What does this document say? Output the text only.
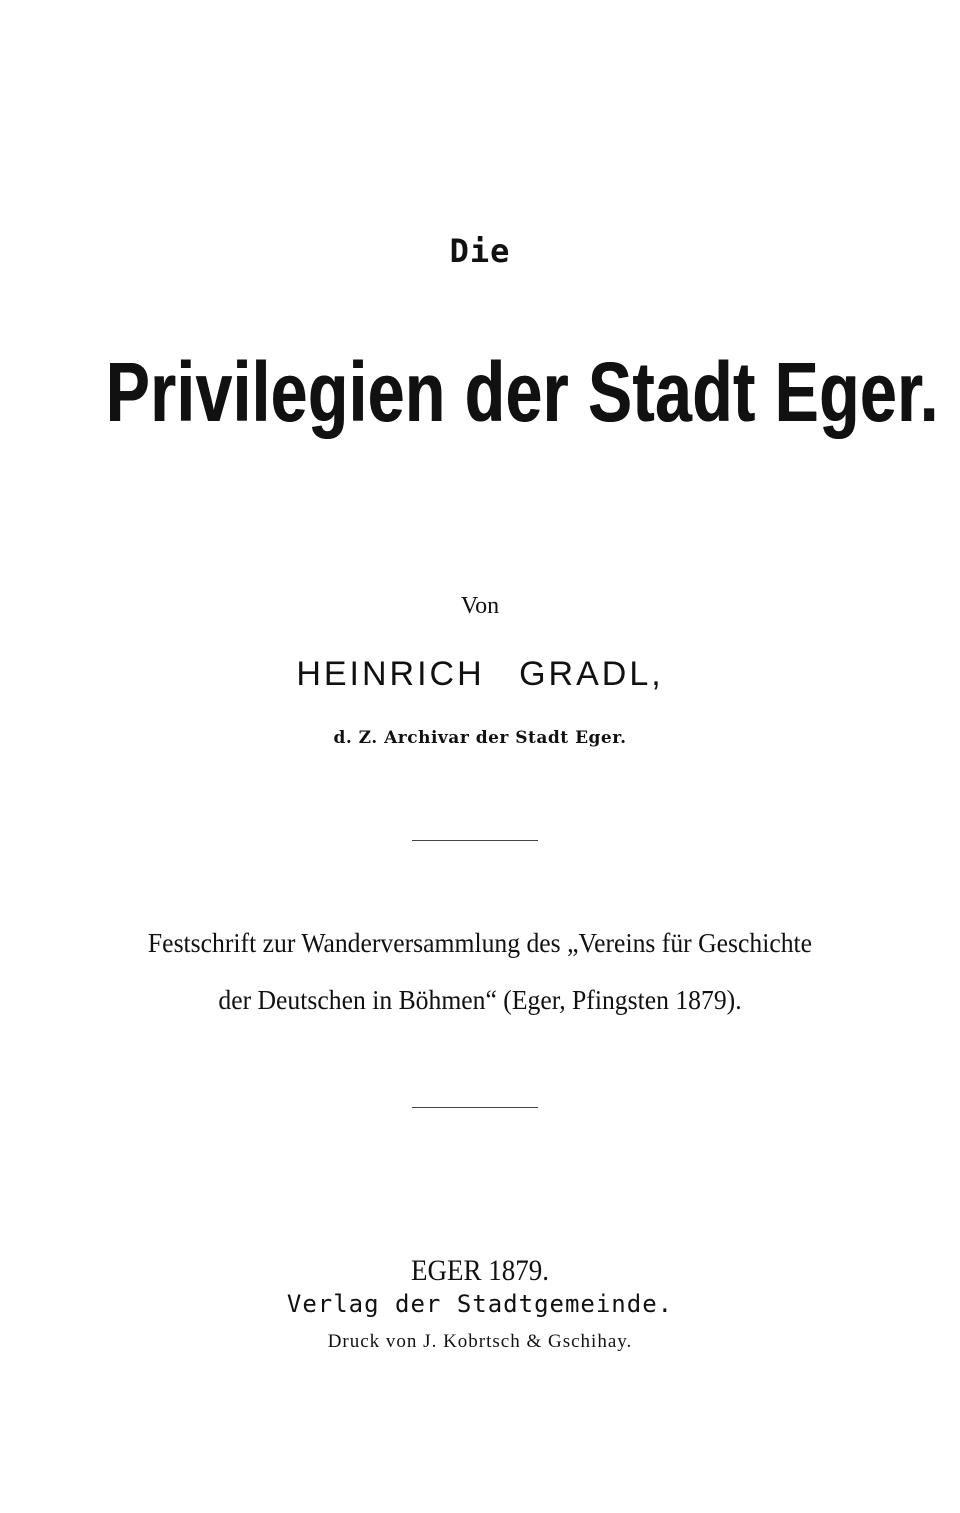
Die
Privilegien der Stadt Eger.
Von
HEINRICH GRADL,
d. Z. Archivar der Stadt Eger.
Festschrift zur Wanderversammlung des „Vereins für Geschichte
der Deutschen in Böhmen“ (Eger, Pfingsten 1879).
EGER 1879.
Verlag der Stadtgemeinde.
Druck von J. Kobrtsch & Gschihay.
